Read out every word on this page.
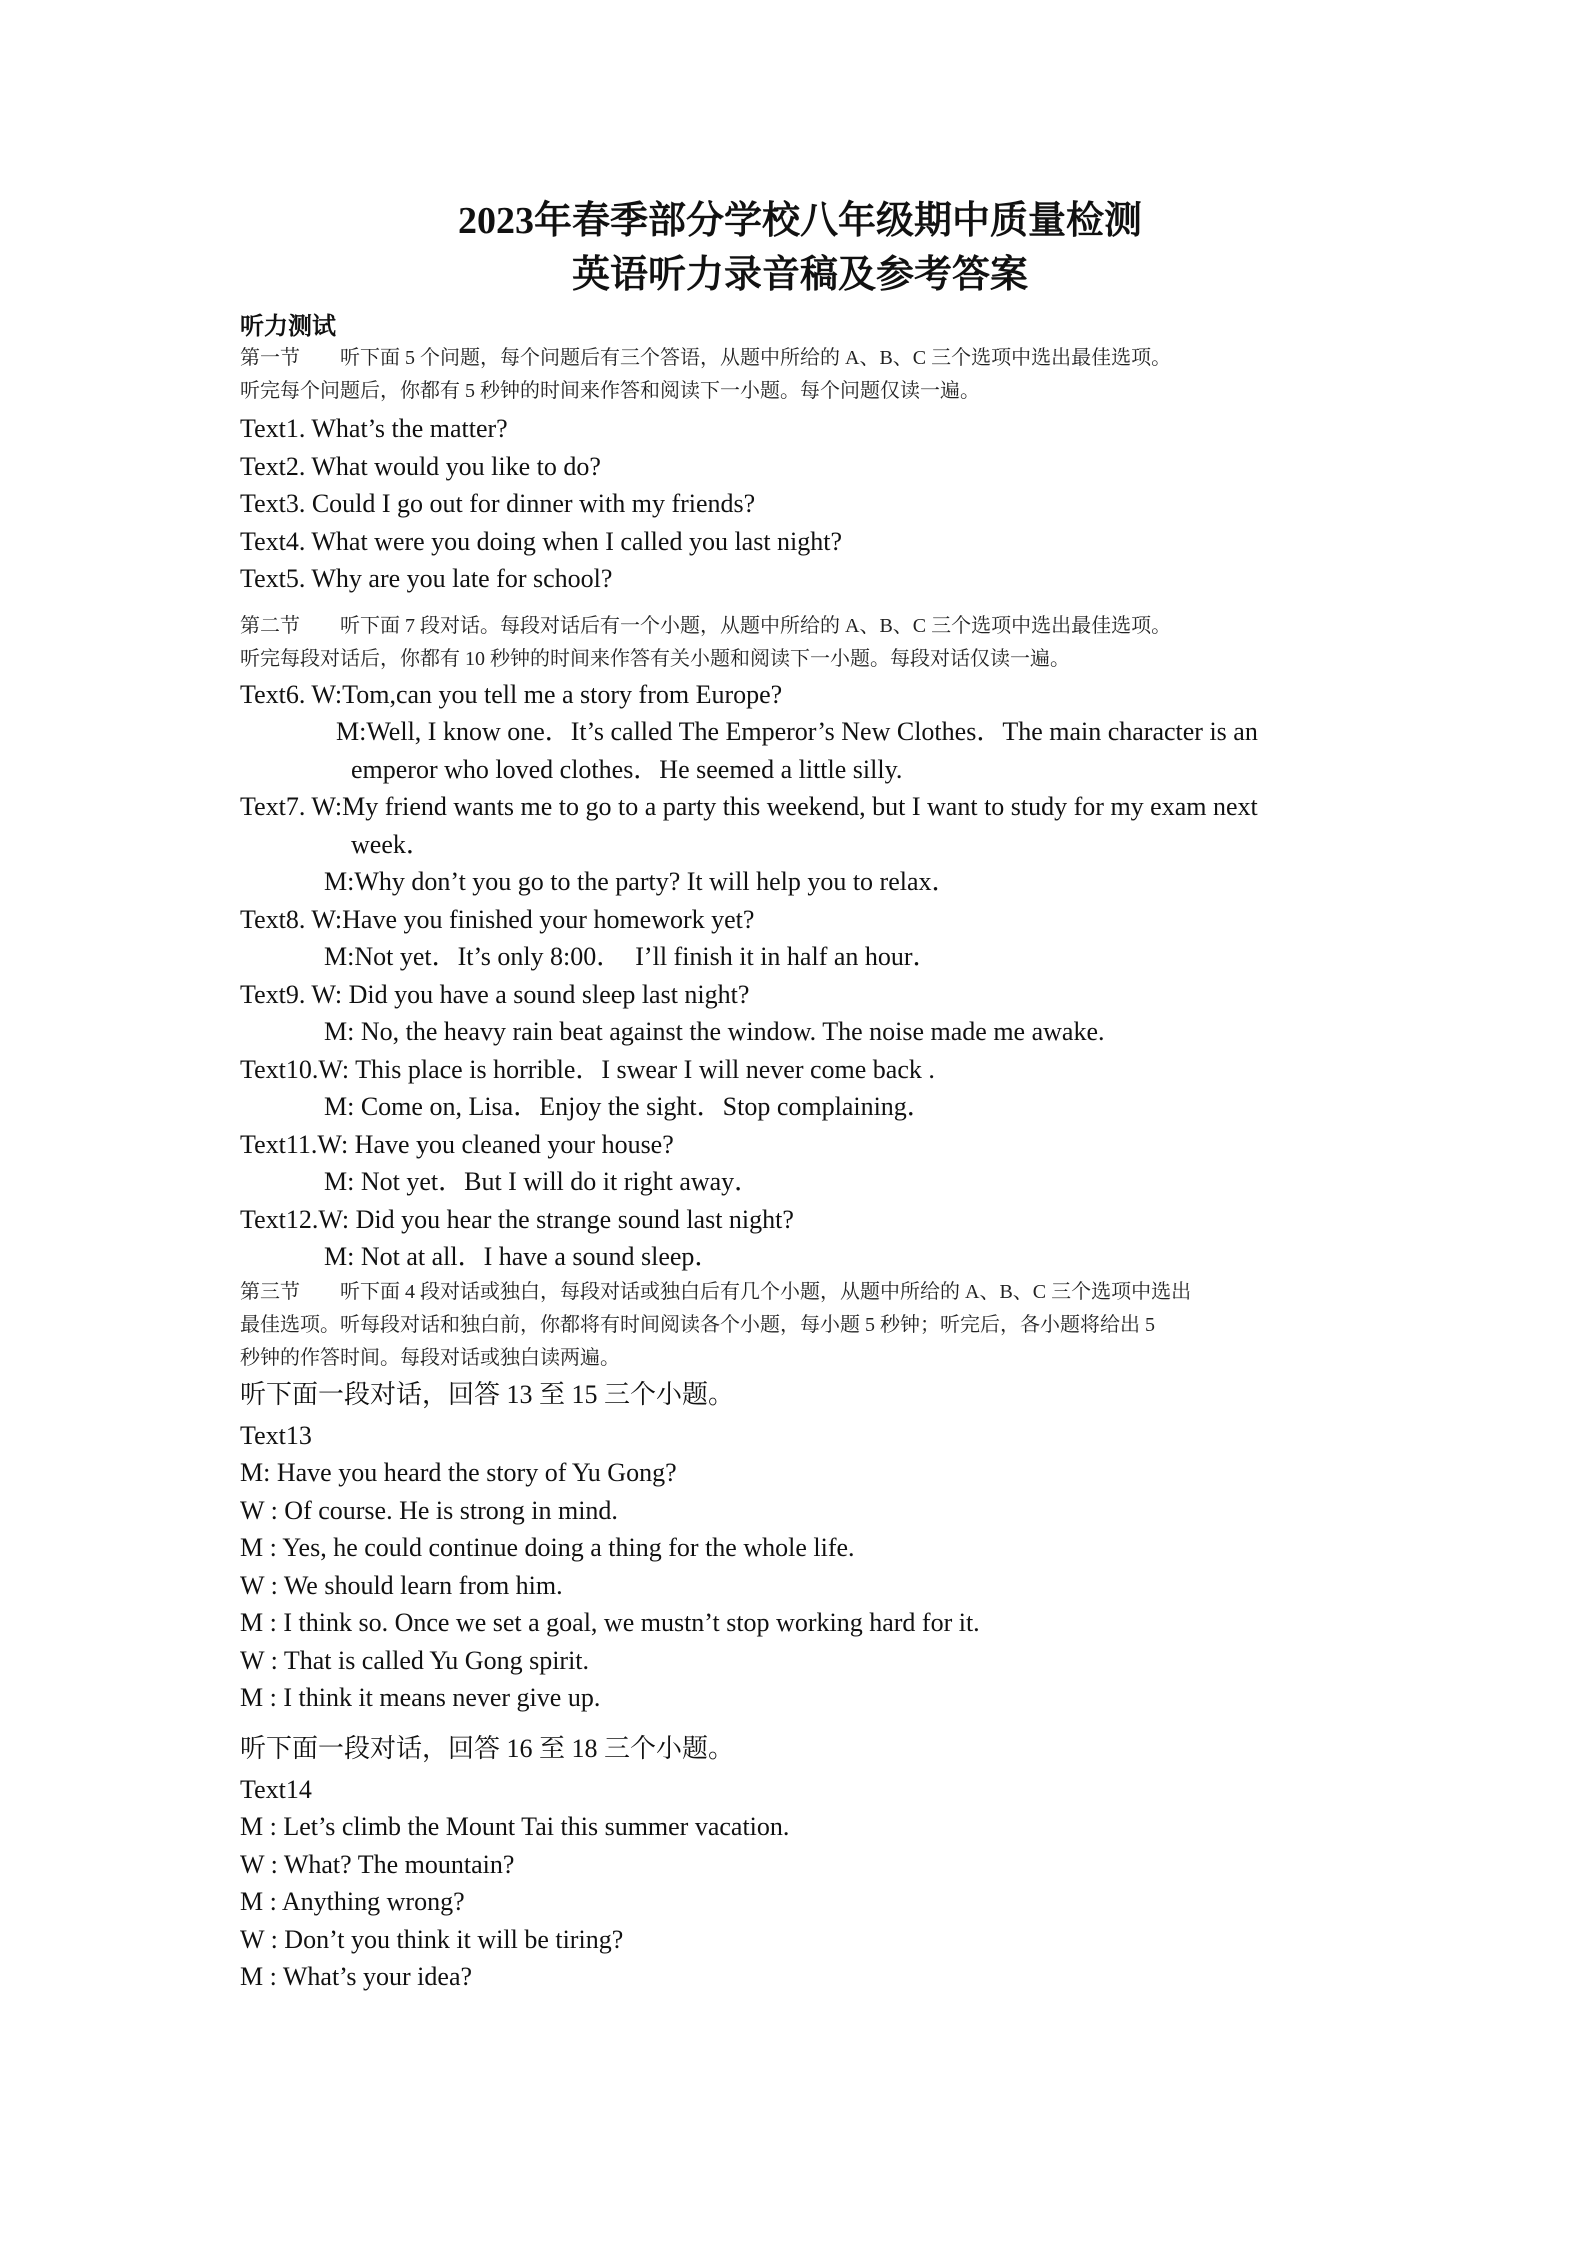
2023年春季部分学校八年级期中质量检测
英语听力录音稿及参考答案
听力测试
第一节　　听下面 5 个问题，每个问题后有三个答语，从题中所给的 A、B、C 三个选项中选出最佳选项。
听完每个问题后，你都有 5 秒钟的时间来作答和阅读下一小题。每个问题仅读一遍。
Text1. What’s the matter?
Text2. What would you like to do?
Text3. Could I go out for dinner with my friends?
Text4. What were you doing when I called you last night?
Text5. Why are you late for school?
第二节　　听下面 7 段对话。每段对话后有一个小题，从题中所给的 A、B、C 三个选项中选出最佳选项。
听完每段对话后，你都有 10 秒钟的时间来作答有关小题和阅读下一小题。每段对话仅读一遍。
Text6. W:Tom,can you tell me a story from Europe?
M:Well, I know one．It’s called The Emperor’s New Clothes．The main character is an
emperor who loved clothes．He seemed a little silly.
Text7. W:My friend wants me to go to a party this weekend, but I want to study for my exam next
week．
M:Why don’t you go to the party? It will help you to relax．
Text8. W:Have you finished your homework yet?
M:Not yet．It’s only 8:00．　I’ll finish it in half an hour．
Text9. W: Did you have a sound sleep last night?
M: No, the heavy rain beat against the window. The noise made me awake.
Text10.W: This place is horrible．I swear I will never come back .
M: Come on, Lisa．Enjoy the sight．Stop complaining．
Text11.W: Have you cleaned your house?
M: Not yet．But I will do it right away．
Text12.W: Did you hear the strange sound last night?
M: Not at all．I have a sound sleep．
第三节　　听下面 4 段对话或独白，每段对话或独白后有几个小题，从题中所给的 A、B、C 三个选项中选出
最佳选项。听每段对话和独白前，你都将有时间阅读各个小题，每小题 5 秒钟；听完后，各小题将给出 5
秒钟的作答时间。每段对话或独白读两遍。
听下面一段对话，回答 13 至 15 三个小题。
Text13
M: Have you heard the story of Yu Gong?
W : Of course. He is strong in mind.
M : Yes, he could continue doing a thing for the whole life.
W : We should learn from him.
M : I think so. Once we set a goal, we mustn’t stop working hard for it.
W : That is called Yu Gong spirit.
M : I think it means never give up.
听下面一段对话，回答 16 至 18 三个小题。
Text14
M : Let’s climb the Mount Tai this summer vacation.
W : What? The mountain?
M : Anything wrong?
W : Don’t you think it will be tiring?
M : What’s your idea?
